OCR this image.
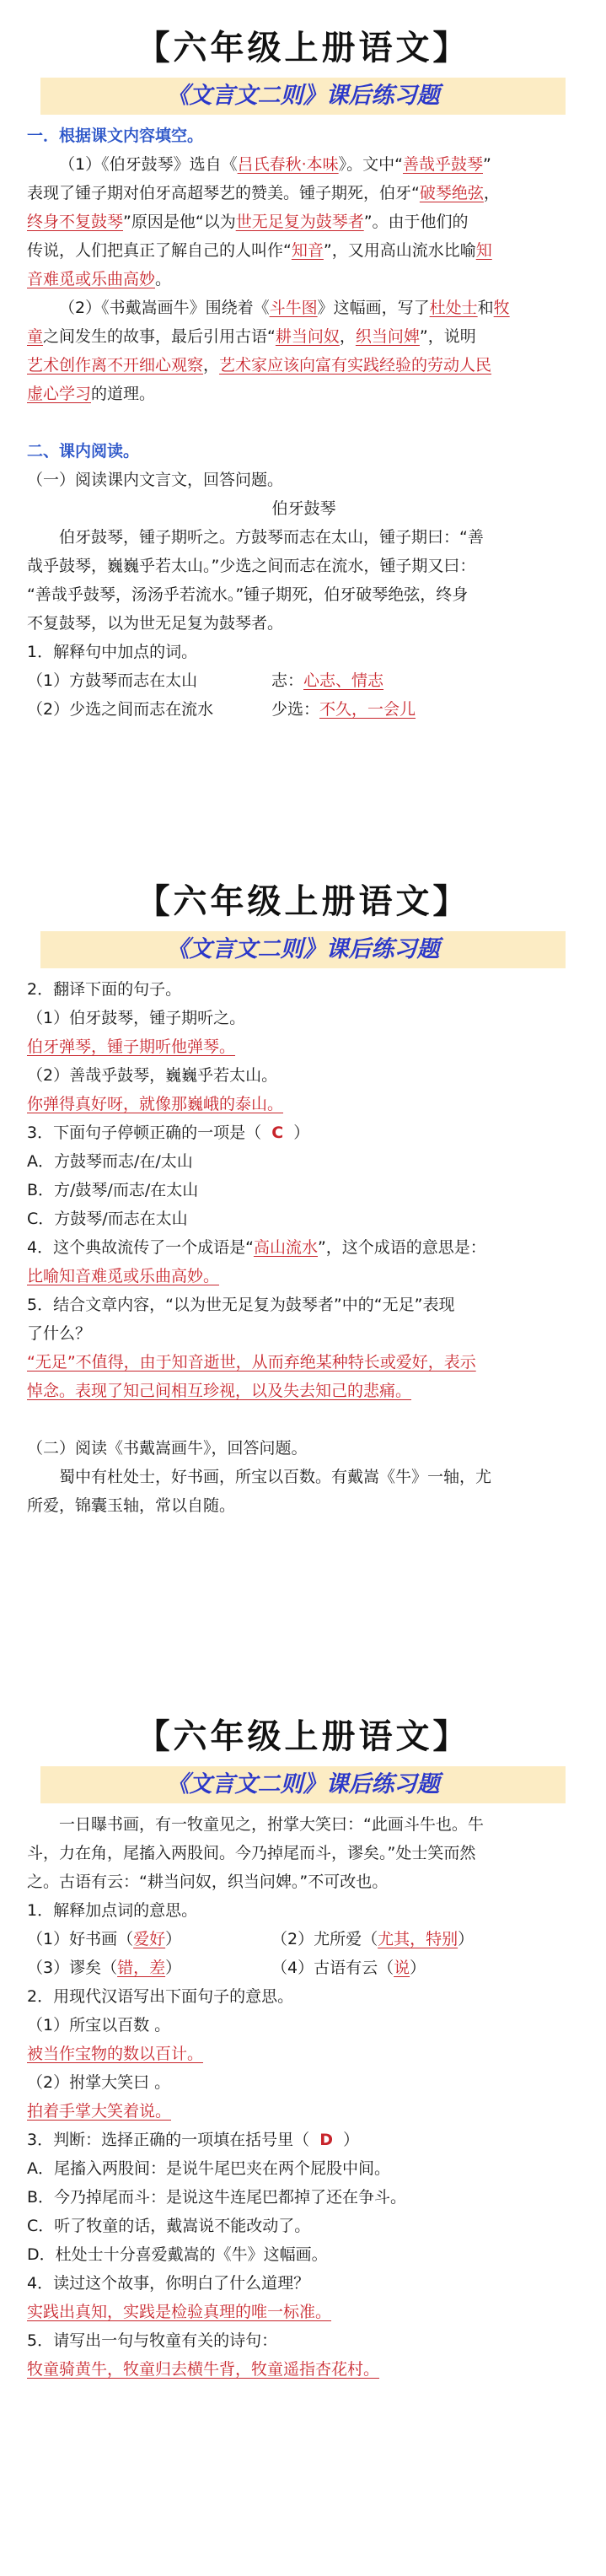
【六年级上册语文】
《文言文二则》课后练习题
一．根据课文内容填空。
（1）《伯牙鼓琴》选自《吕氏春秋·本味》。文中“善哉乎鼓琴”
表现了锺子期对伯牙高超琴艺的赞美。锺子期死，伯牙“破琴绝弦，
终身不复鼓琴”原因是他“以为世无足复为鼓琴者”。由于他们的
传说，人们把真正了解自己的人叫作“知音”，又用高山流水比喻知
音难觅或乐曲高妙。
（2）《书戴嵩画牛》围绕着《斗牛图》这幅画，写了杜处士和牧
童之间发生的故事，最后引用古语“耕当问奴，织当问婢”，说明
艺术创作离不开细心观察，艺术家应该向富有实践经验的劳动人民
虚心学习的道理。
二、课内阅读。
（一）阅读课内文言文，回答问题。
伯牙鼓琴
伯牙鼓琴，锺子期听之。方鼓琴而志在太山，锺子期曰：“善
哉乎鼓琴，巍巍乎若太山。”少选之间而志在流水，锺子期又曰：
“善哉乎鼓琴，汤汤乎若流水。”锺子期死，伯牙破琴绝弦，终身
不复鼓琴，以为世无足复为鼓琴者。
1．解释句中加点的词。
（1）方鼓琴而志在太山	志：心志、情志
（2）少选之间而志在流水	少选：不久，一会儿
【六年级上册语文】
《文言文二则》课后练习题
2．翻译下面的句子。
（1）伯牙鼓琴，锺子期听之。
伯牙弹琴，锺子期听他弹琴。
（2）善哉乎鼓琴，巍巍乎若太山。
你弹得真好呀，就像那巍峨的泰山。
3．下面句子停顿正确的一项是（ C ）
A．方鼓琴而志/在/太山
B．方/鼓琴/而志/在太山
C．方鼓琴/而志在太山
4．这个典故流传了一个成语是“高山流水”，这个成语的意思是：
比喻知音难觅或乐曲高妙。
5．结合文章内容，“以为世无足复为鼓琴者”中的“无足”表现
了什么？
“无足”不值得，由于知音逝世，从而弃绝某种特长或爱好，表示
悼念。表现了知己间相互珍视，以及失去知己的悲痛。
（二）阅读《书戴嵩画牛》，回答问题。
蜀中有杜处士，好书画，所宝以百数。有戴嵩《牛》一轴，尤
所爱，锦囊玉轴，常以自随。
【六年级上册语文】
《文言文二则》课后练习题
一日曝书画，有一牧童见之，拊掌大笑曰：“此画斗牛也。牛
斗，力在角，尾搐入两股间。今乃掉尾而斗，谬矣。”处士笑而然
之。古语有云：“耕当问奴，织当问婢。”不可改也。
1．解释加点词的意思。
（1）好书画（爱好）	（2）尤所爱（尤其，特别）
（3）谬矣（错，差）	（4）古语有云（说）
2．用现代汉语写出下面句子的意思。
（1）所宝以百数 。
被当作宝物的数以百计。
（2）拊掌大笑曰 。
拍着手掌大笑着说。
3．判断：选择正确的一项填在括号里（ D ）
A．尾搐入两股间：是说牛尾巴夹在两个屁股中间。
B．今乃掉尾而斗：是说这牛连尾巴都掉了还在争斗。
C．听了牧童的话，戴嵩说不能改动了。
D．杜处士十分喜爱戴嵩的《牛》这幅画。
4．读过这个故事，你明白了什么道理？
实践出真知，实践是检验真理的唯一标准。
5．请写出一句与牧童有关的诗句：
牧童骑黄牛，牧童归去横牛背，牧童遥指杏花村。
